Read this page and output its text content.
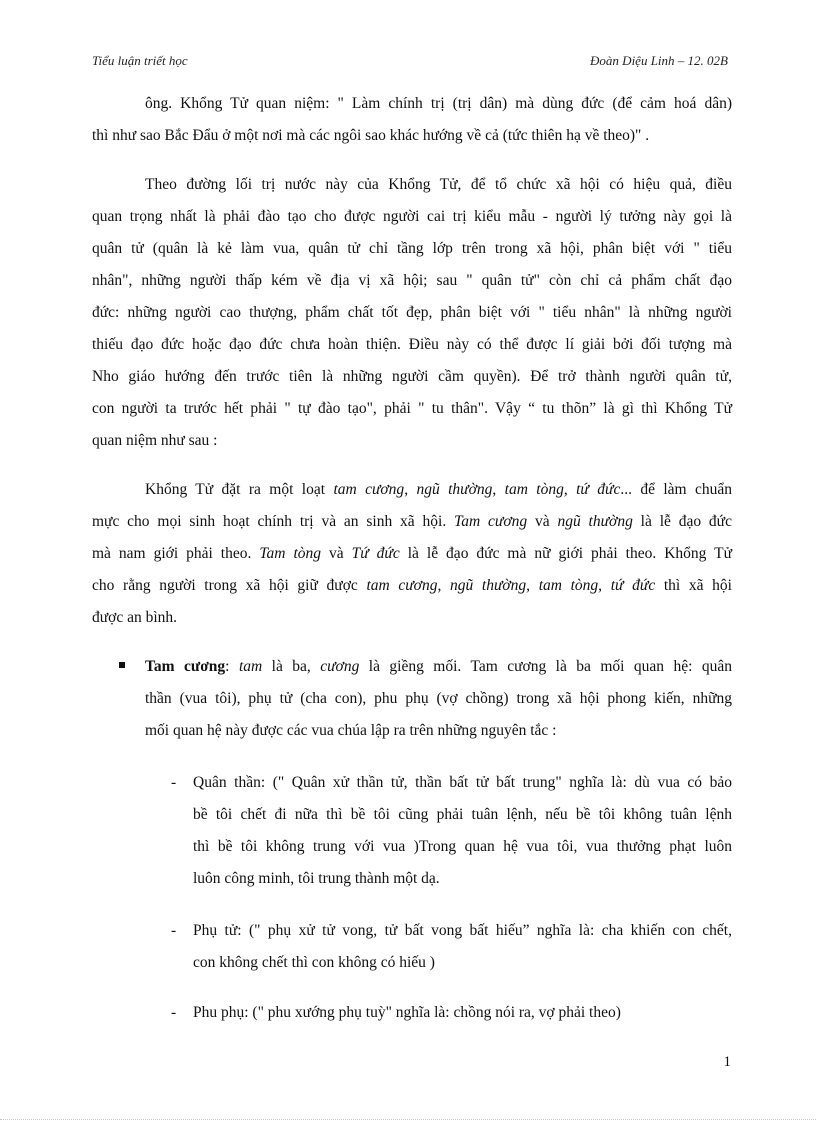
Tiểu luận triết học	Đoàn Diệu Linh – 12. 02B
ông. Khổng Tử quan niệm: " Làm chính trị (trị dân) mà dùng đức (để cảm hoá dân)
thì như sao Bắc Đẩu ở một nơi mà các ngôi sao khác hướng về cả (tức thiên hạ về theo)" .
Theo đường lối trị nước này của Khổng Tử, để tổ chức xã hội có hiệu quả, điều
quan trọng nhất là phải đào tạo cho được người cai trị kiểu mẫu - người lý tưởng này gọi là
quân tử (quân là kẻ làm vua, quân tử chỉ tầng lớp trên trong xã hội, phân biệt với " tiểu
nhân", những người thấp kém về địa vị xã hội; sau " quân tử" còn chỉ cả phẩm chất đạo
đức: những người cao thượng, phẩm chất tốt đẹp, phân biệt với " tiểu nhân" là những người
thiếu đạo đức hoặc đạo đức chưa hoàn thiện. Điều này có thể được lí giải bởi đối tượng mà
Nho giáo hướng đến trước tiên là những người cầm quyền). Để trở thành người quân tử,
con người ta trước hết phải " tự đào tạo", phải " tu thân". Vậy “ tu thõn” là gì thì Khổng Tử
quan niệm như sau :
Khổng Tử đặt ra một loạt tam cương, ngũ thường, tam tòng, tứ đức... để làm chuẩn
mực cho mọi sinh hoạt chính trị và an sinh xã hội. Tam cương và ngũ thường là lễ đạo đức
mà nam giới phải theo. Tam tòng và Tứ đức là lễ đạo đức mà nữ giới phải theo. Khổng Tử
cho rằng người trong xã hội giữ được tam cương, ngũ thường, tam tòng, tứ đức thì xã hội
được an bình.
Tam cương: tam là ba, cương là giềng mối. Tam cương là ba mối quan hệ: quân
thần (vua tôi), phụ tử (cha con), phu phụ (vợ chồng) trong xã hội phong kiến, những
mối quan hệ này được các vua chúa lập ra trên những nguyên tắc :
- Quân thần: (" Quân xử thần tử, thần bất tử bất trung" nghĩa là: dù vua có bảo
bề tôi chết đi nữa thì bề tôi cũng phải tuân lệnh, nếu bề tôi không tuân lệnh
thì bề tôi không trung với vua )Trong quan hệ vua tôi, vua thưởng phạt luôn
luôn công minh, tôi trung thành một dạ.
- Phụ tử: (" phụ xử tử vong, tử bất vong bất hiếu” nghĩa là: cha khiến con chết,
con không chết thì con không có hiếu )
- Phu phụ: (" phu xướng phụ tuỳ" nghĩa là: chồng nói ra, vợ phải theo)
1
